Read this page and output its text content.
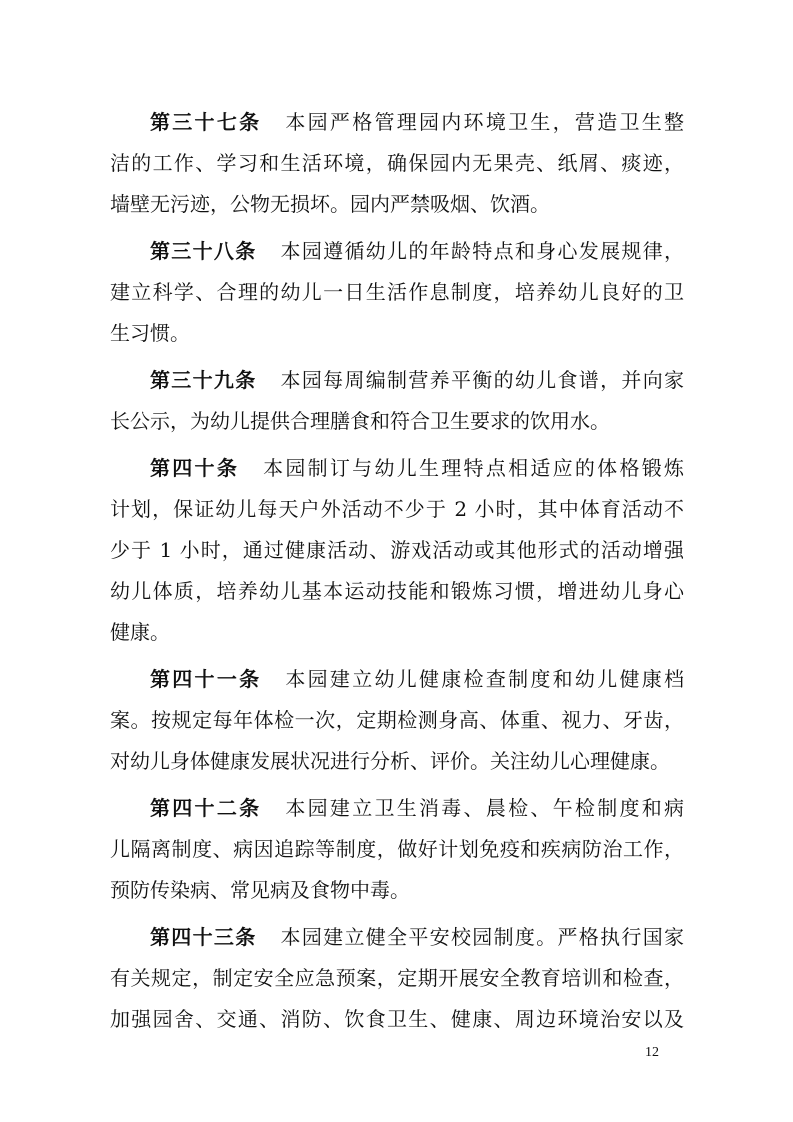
第三十七条 本园严格管理园内环境卫生，营造卫生整
洁的工作、学习和生活环境，确保园内无果壳、纸屑、痰迹，
墙壁无污迹，公物无损坏。园内严禁吸烟、饮酒。
第三十八条 本园遵循幼儿的年龄特点和身心发展规律，
建立科学、合理的幼儿一日生活作息制度，培养幼儿良好的卫
生习惯。
第三十九条 本园每周编制营养平衡的幼儿食谱，并向家
长公示，为幼儿提供合理膳食和符合卫生要求的饮用水。
第四十条 本园制订与幼儿生理特点相适应的体格锻炼
计划，保证幼儿每天户外活动不少于 2 小时，其中体育活动不
少于 1 小时，通过健康活动、游戏活动或其他形式的活动增强
幼儿体质，培养幼儿基本运动技能和锻炼习惯，增进幼儿身心
健康。
第四十一条 本园建立幼儿健康检查制度和幼儿健康档
案。按规定每年体检一次，定期检测身高、体重、视力、牙齿，
对幼儿身体健康发展状况进行分析、评价。关注幼儿心理健康。
第四十二条 本园建立卫生消毒、晨检、午检制度和病
儿隔离制度、病因追踪等制度，做好计划免疫和疾病防治工作，
预防传染病、常见病及食物中毒。
第四十三条 本园建立健全平安校园制度。严格执行国家
有关规定，制定安全应急预案，定期开展安全教育培训和检查，
加强园舍、交通、消防、饮食卫生、健康、周边环境治安以及
12
